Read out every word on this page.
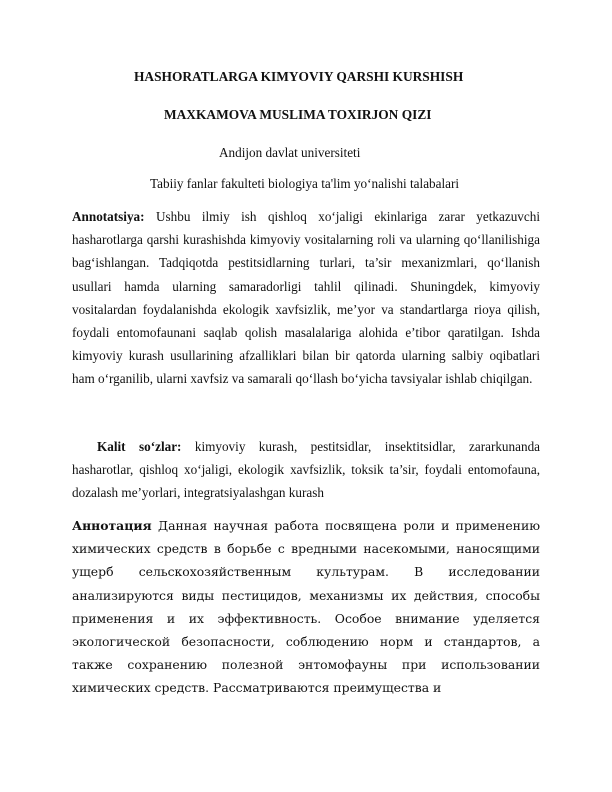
HASHORATLARGA KIMYOVIY QARSHI KURSHISH
MAXKAMOVA MUSLIMA TOXIRJON QIZI
Andijon davlat universiteti
Tabiiy fanlar fakulteti biologiya ta'lim yo‘nalishi talabalari

Annotatsiya: Ushbu ilmiy ish qishloq xo‘jaligi ekinlariga zarar yetkazuvchi hasharotlarga qarshi kurashishda kimyoviy vositalarning roli va ularning qo‘llanilishiga bag‘ishlangan. Tadqiqotda pestitsidlarning turlari, ta’sir mexanizmlari, qo‘llanish usullari hamda ularning samaradorligi tahlil qilinadi. Shuningdek, kimyoviy vositalardan foydalanishda ekologik xavfsizlik, me’yor va standartlarga rioya qilish, foydali entomofaunani saqlab qolish masalalariga alohida e’tibor qaratilgan. Ishda kimyoviy kurash usullarining afzalliklari bilan bir qatorda ularning salbiy oqibatlari ham o‘rganilib, ularni xavfsiz va samarali qo‘llash bo‘yicha tavsiyalar ishlab chiqilgan.

Kalit so‘zlar: kimyoviy kurash, pestitsidlar, insektitsidlar, zararkunanda hasharotlar, qishloq xo‘jaligi, ekologik xavfsizlik, toksik ta’sir, foydali entomofauna, dozalash me’yorlari, integratsiyalashgan kurash

Аннотация Данная научная работа посвящена роли и применению химических средств в борьбе с вредными насекомыми, наносящими ущерб сельскохозяйственным культурам. В исследовании анализируются виды пестицидов, механизмы их действия, способы применения и их эффективность. Особое внимание уделяется экологической безопасности, соблюдению норм и стандартов, а также сохранению полезной энтомофауны при использовании химических средств. Рассматриваются преимущества и
